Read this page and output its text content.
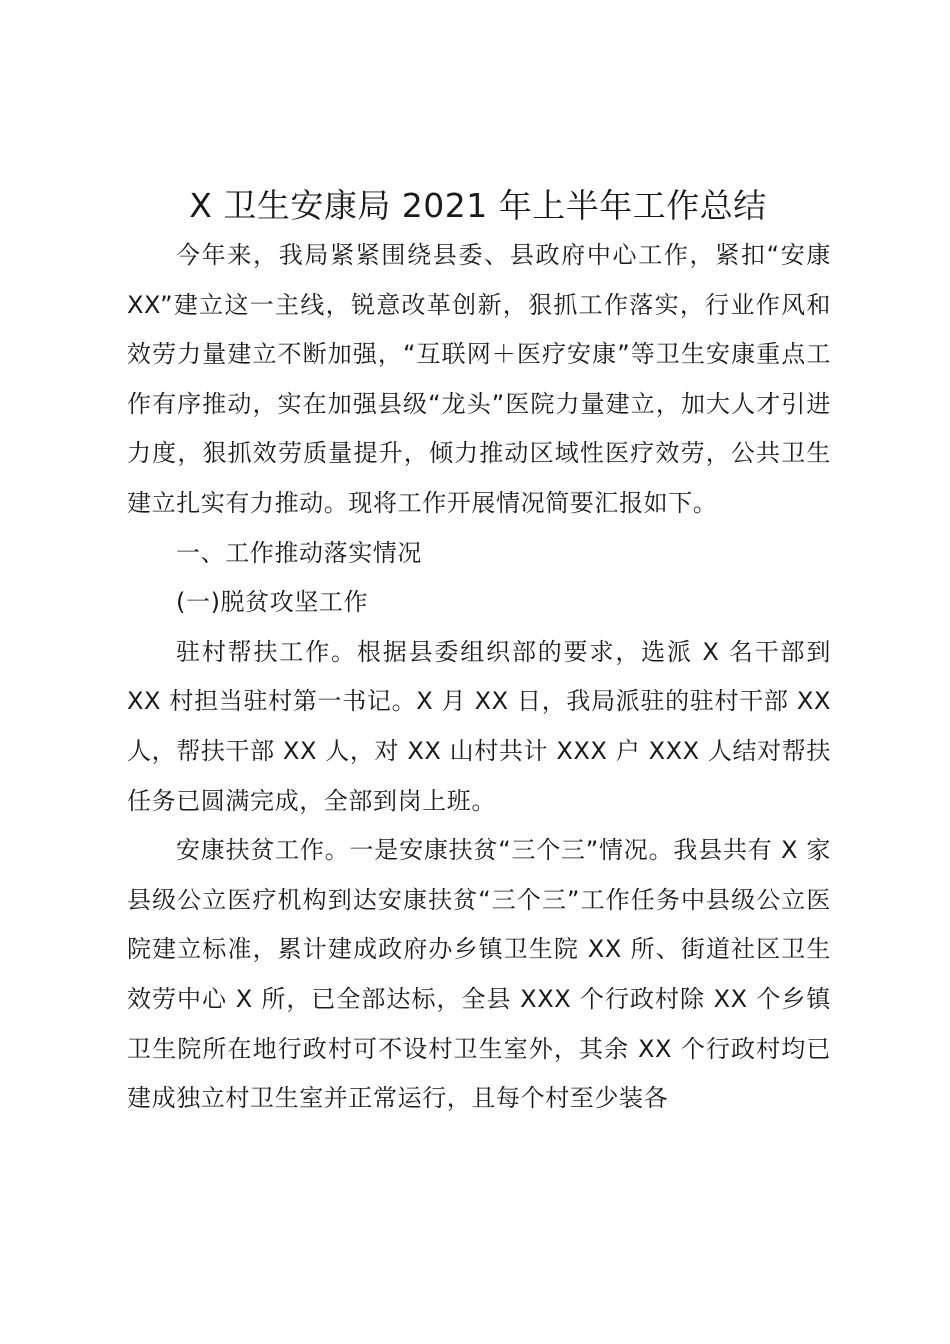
X 卫生安康局 2021 年上半年工作总结

今年来，我局紧紧围绕县委、县政府中心工作，紧扣“安康 XX”建立这一主线，锐意改革创新，狠抓工作落实，行业作风和效劳力量建立不断加强，“互联网＋医疗安康”等卫生安康重点工作有序推动，实在加强县级“龙头”医院力量建立，加大人才引进力度，狠抓效劳质量提升，倾力推动区域性医疗效劳，公共卫生建立扎实有力推动。现将工作开展情况简要汇报如下。

一、工作推动落实情况

(一)脱贫攻坚工作

驻村帮扶工作。根据县委组织部的要求，选派 X 名干部到 XX 村担当驻村第一书记。X 月 XX 日，我局派驻的驻村干部 XX 人，帮扶干部 XX 人，对 XX 山村共计 XXX 户 XXX 人结对帮扶任务已圆满完成，全部到岗上班。

安康扶贫工作。一是安康扶贫“三个三”情况。我县共有 X 家县级公立医疗机构到达安康扶贫“三个三”工作任务中县级公立医院建立标准，累计建成政府办乡镇卫生院 XX 所、街道社区卫生效劳中心 X 所，已全部达标，全县 XXX 个行政村除 XX 个乡镇卫生院所在地行政村可不设村卫生室外，其余 XX 个行政村均已建成独立村卫生室并正常运行，且每个村至少装各
